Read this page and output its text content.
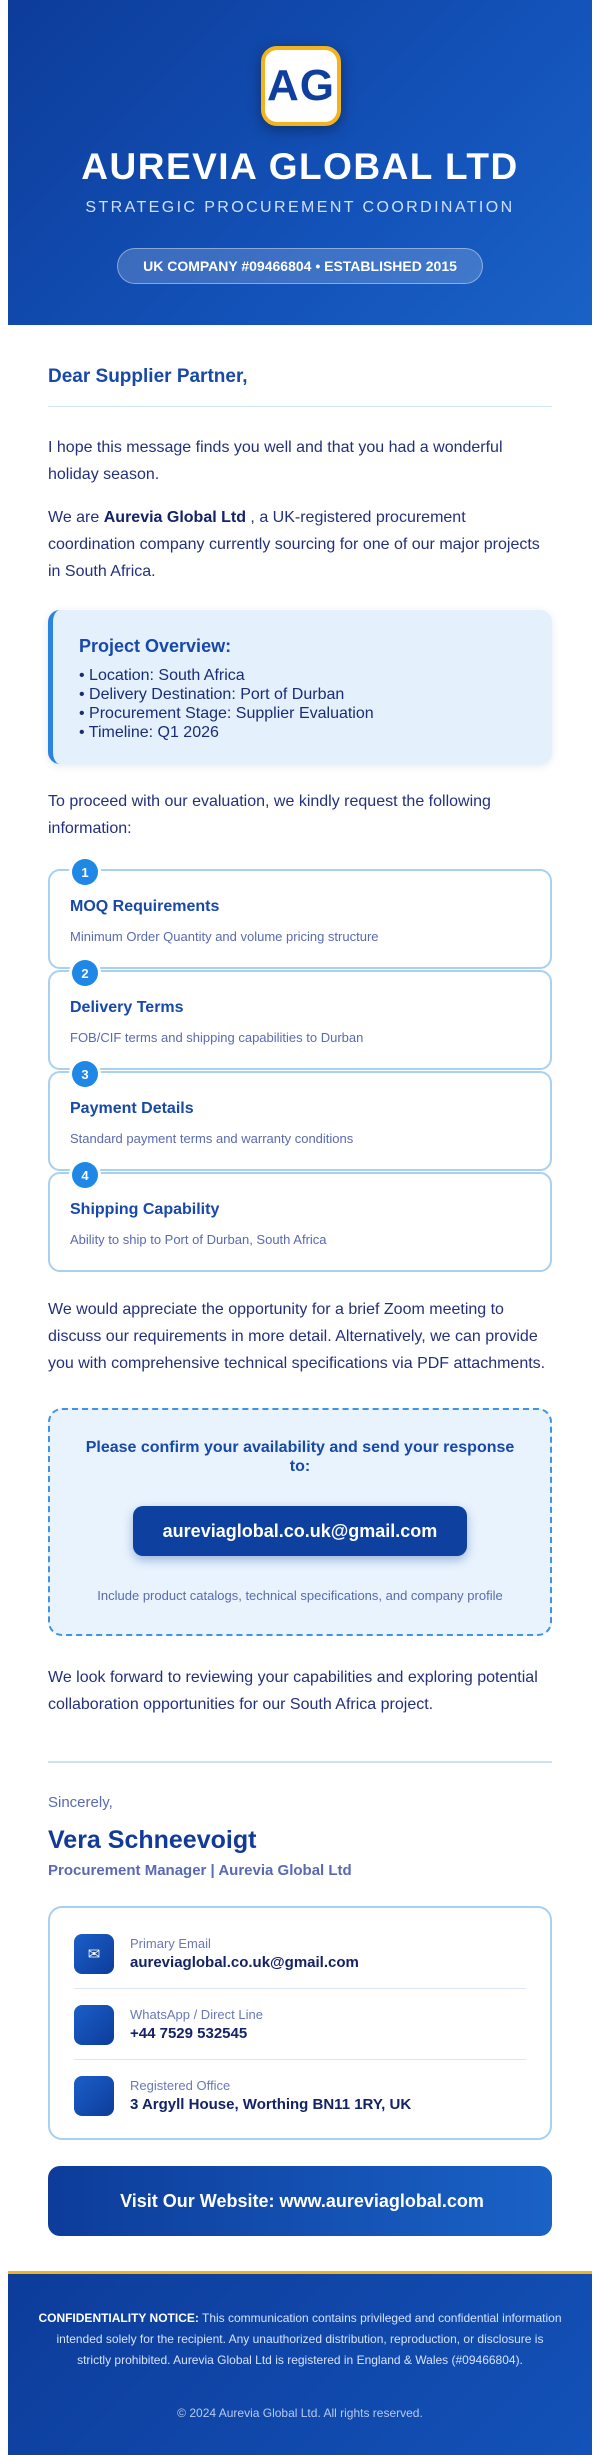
AG
AUREVIA GLOBAL LTD
STRATEGIC PROCUREMENT COORDINATION
UK COMPANY #09466804 • ESTABLISHED 2015
Dear Supplier Partner,
I hope this message finds you well and that you had a wonderful holiday season.
We are Aurevia Global Ltd , a UK-registered procurement coordination company currently sourcing for one of our major projects in South Africa.
Project Overview:
• Location: South Africa
• Delivery Destination: Port of Durban
• Procurement Stage: Supplier Evaluation
• Timeline: Q1 2026
To proceed with our evaluation, we kindly request the following information:
1
MOQ Requirements
Minimum Order Quantity and volume pricing structure
2
Delivery Terms
FOB/CIF terms and shipping capabilities to Durban
3
Payment Details
Standard payment terms and warranty conditions
4
Shipping Capability
Ability to ship to Port of Durban, South Africa
We would appreciate the opportunity for a brief Zoom meeting to discuss our requirements in more detail. Alternatively, we can provide you with comprehensive technical specifications via PDF attachments.
Please confirm your availability and send your response to:
aureviaglobal.co.uk@gmail.com
Include product catalogs, technical specifications, and company profile
We look forward to reviewing your capabilities and exploring potential collaboration opportunities for our South Africa project.
Sincerely,
Vera Schneevoigt
Procurement Manager | Aurevia Global Ltd
✉
Primary Email
aureviaglobal.co.uk@gmail.com
WhatsApp / Direct Line
+44 7529 532545
Registered Office
3 Argyll House, Worthing BN11 1RY, UK
Visit Our Website: www.aureviaglobal.com
CONFIDENTIALITY NOTICE: This communication contains privileged and confidential information intended solely for the recipient. Any unauthorized distribution, reproduction, or disclosure is strictly prohibited. Aurevia Global Ltd is registered in England & Wales (#09466804).
© 2024 Aurevia Global Ltd. All rights reserved.
